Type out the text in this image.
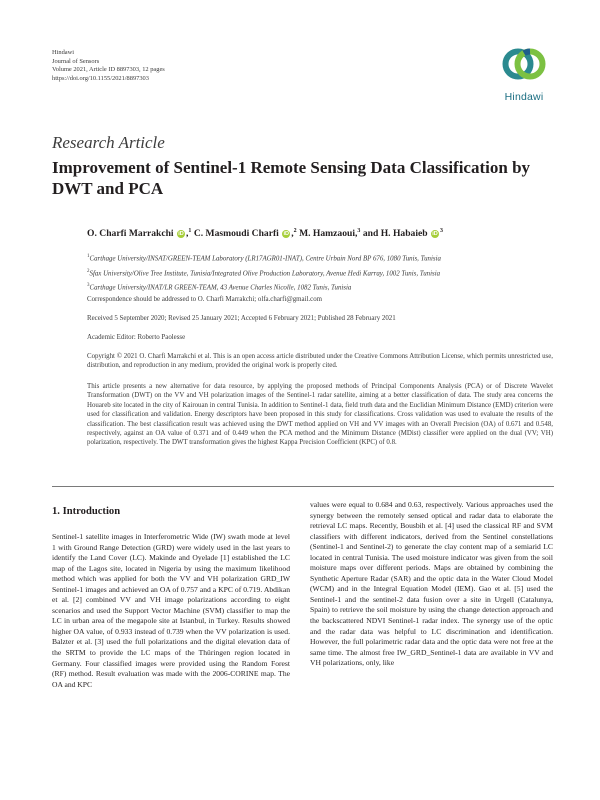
Hindawi
Journal of Sensors
Volume 2021, Article ID 8897303, 12 pages
https://doi.org/10.1155/2021/8897303
Hindawi
Research Article
Improvement of Sentinel-1 Remote Sensing Data Classification by DWT and PCA
O. Charfi Marrakchi iD ,$^1$ C. Masmoudi Charfi iD ,$^2$ M. Hamzaoui,$^3$ and H. Habaieb iD $^3$
$^1$Carthage University/INSAT/GREEN-TEAM Laboratory (LR17AGR01-INAT), Centre Urbain Nord BP 676, 1080 Tunis, Tunisia
$^2$Sfax University/Olive Tree Institute, Tunisia/Integrated Olive Production Laboratory, Avenue Hedi Karray, 1002 Tunis, Tunisia
$^3$Carthage University/INAT/LR GREEN-TEAM, 43 Avenue Charles Nicolle, 1082 Tunis, Tunisia
Correspondence should be addressed to O. Charfi Marrakchi; olfa.charfi@gmail.com
Received 5 September 2020; Revised 25 January 2021; Accepted 6 February 2021; Published 28 February 2021
Academic Editor: Roberto Paolesse
Copyright © 2021 O. Charfi Marrakchi et al. This is an open access article distributed under the Creative Commons Attribution License, which permits unrestricted use, distribution, and reproduction in any medium, provided the original work is properly cited.
This article presents a new alternative for data resource, by applying the proposed methods of Principal Components Analysis (PCA) or of Discrete Wavelet Transformation (DWT) on the VV and VH polarization images of the Sentinel-1 radar satellite, aiming at a better classification of data. The study area concerns the Houareb site located in the city of Kairouan in central Tunisia. In addition to Sentinel-1 data, field truth data and the Euclidian Minimum Distance (EMD) criterion were used for classification and validation. Energy descriptors have been proposed in this study for classifications. Cross validation was used to evaluate the results of the classification. The best classification result was achieved using the DWT method applied on VH and VV images with an Overall Precision (OA) of 0.671 and 0.548, respectively, against an OA value of 0.371 and of 0.449 when the PCA method and the Minimum Distance (MDist) classifier were applied on the dual (VV; VH) polarization, respectively. The DWT transformation gives the highest Kappa Precision Coefficient (KPC) of 0.8.
1. Introduction
Sentinel-1 satellite images in Interferometric Wide (IW) swath mode at level 1 with Ground Range Detection (GRD) were widely used in the last years to identify the Land Cover (LC). Makinde and Oyelade [1] established the LC map of the Lagos site, located in Nigeria by using the maximum likelihood method which was applied for both the VV and VH polarization GRD_IW Sentinel-1 images and achieved an OA of 0.757 and a KPC of 0.719. Abdikan et al. [2] combined VV and VH image polarizations according to eight scenarios and used the Support Vector Machine (SVM) classifier to map the LC in urban area of the megapole site at Istanbul, in Turkey. Results showed higher OA value, of 0.933 instead of 0.739 when the VV polarization is used. Balzter et al. [3] used the full polarizations and the digital elevation data of the SRTM to provide the LC maps of the Thüringen region located in Germany. Four classified images were provided using the Random Forest (RF) method. Result evaluation was made with the 2006-CORINE map. The OA and KPC
values were equal to 0.684 and 0.63, respectively. Various approaches used the synergy between the remotely sensed optical and radar data to elaborate the retrieval LC maps. Recently, Bousbih et al. [4] used the classical RF and SVM classifiers with different indicators, derived from the Sentinel constellations (Sentinel-1 and Sentinel-2) to generate the clay content map of a semiarid LC located in central Tunisia. The used moisture indicator was given from the soil moisture maps over different periods. Maps are obtained by combining the Synthetic Aperture Radar (SAR) and the optic data in the Water Cloud Model (WCM) and in the Integral Equation Model (IEM). Gao et al. [5] used the Sentinel-1 and the sentinel-2 data fusion over a site in Urgell (Catalunya, Spain) to retrieve the soil moisture by using the change detection approach and the backscattered NDVI Sentinel-1 radar index. The synergy use of the optic and the radar data was helpful to LC discrimination and identification. However, the full polarimetric radar data and the optic data were not free at the same time. The almost free IW_GRD_Sentinel-1 data are available in VV and VH polarizations, only, like
